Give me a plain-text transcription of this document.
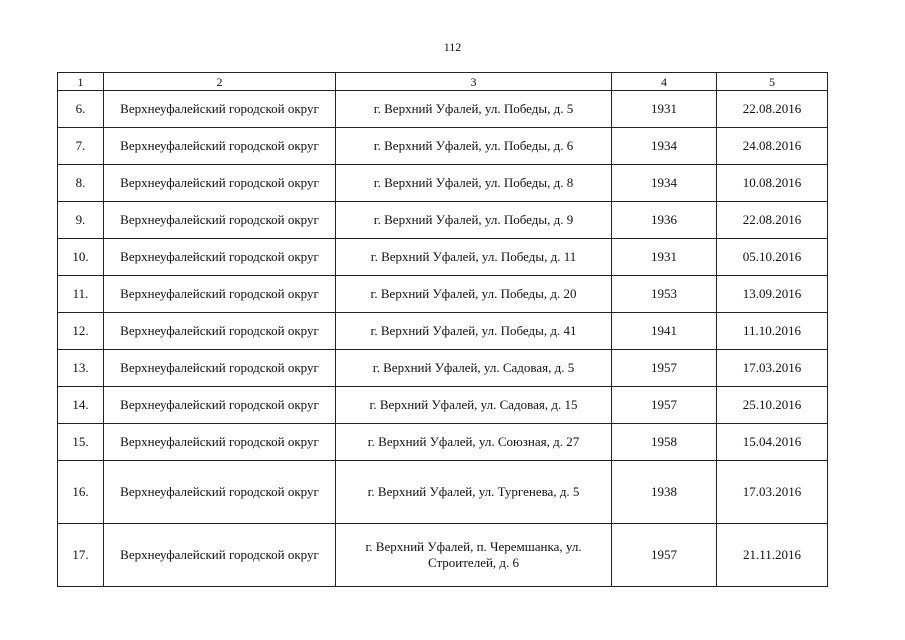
112
1	2	3	4	5
6.	Верхнеуфалейский городской округ	г. Верхний Уфалей, ул. Победы, д. 5	1931	22.08.2016
7.	Верхнеуфалейский городской округ	г. Верхний Уфалей, ул. Победы, д. 6	1934	24.08.2016
8.	Верхнеуфалейский городской округ	г. Верхний Уфалей, ул. Победы, д. 8	1934	10.08.2016
9.	Верхнеуфалейский городской округ	г. Верхний Уфалей, ул. Победы, д. 9	1936	22.08.2016
10.	Верхнеуфалейский городской округ	г. Верхний Уфалей, ул. Победы, д. 11	1931	05.10.2016
11.	Верхнеуфалейский городской округ	г. Верхний Уфалей, ул. Победы, д. 20	1953	13.09.2016
12.	Верхнеуфалейский городской округ	г. Верхний Уфалей, ул. Победы, д. 41	1941	11.10.2016
13.	Верхнеуфалейский городской округ	г. Верхний Уфалей, ул. Садовая, д. 5	1957	17.03.2016
14.	Верхнеуфалейский городской округ	г. Верхний Уфалей, ул. Садовая, д. 15	1957	25.10.2016
15.	Верхнеуфалейский городской округ	г. Верхний Уфалей, ул. Союзная, д. 27	1958	15.04.2016
16.	Верхнеуфалейский городской округ	г. Верхний Уфалей, ул. Тургенева, д. 5	1938	17.03.2016
17.	Верхнеуфалейский городской округ	г. Верхний Уфалей, п. Черемшанка, ул. Строителей, д. 6	1957	21.11.2016
